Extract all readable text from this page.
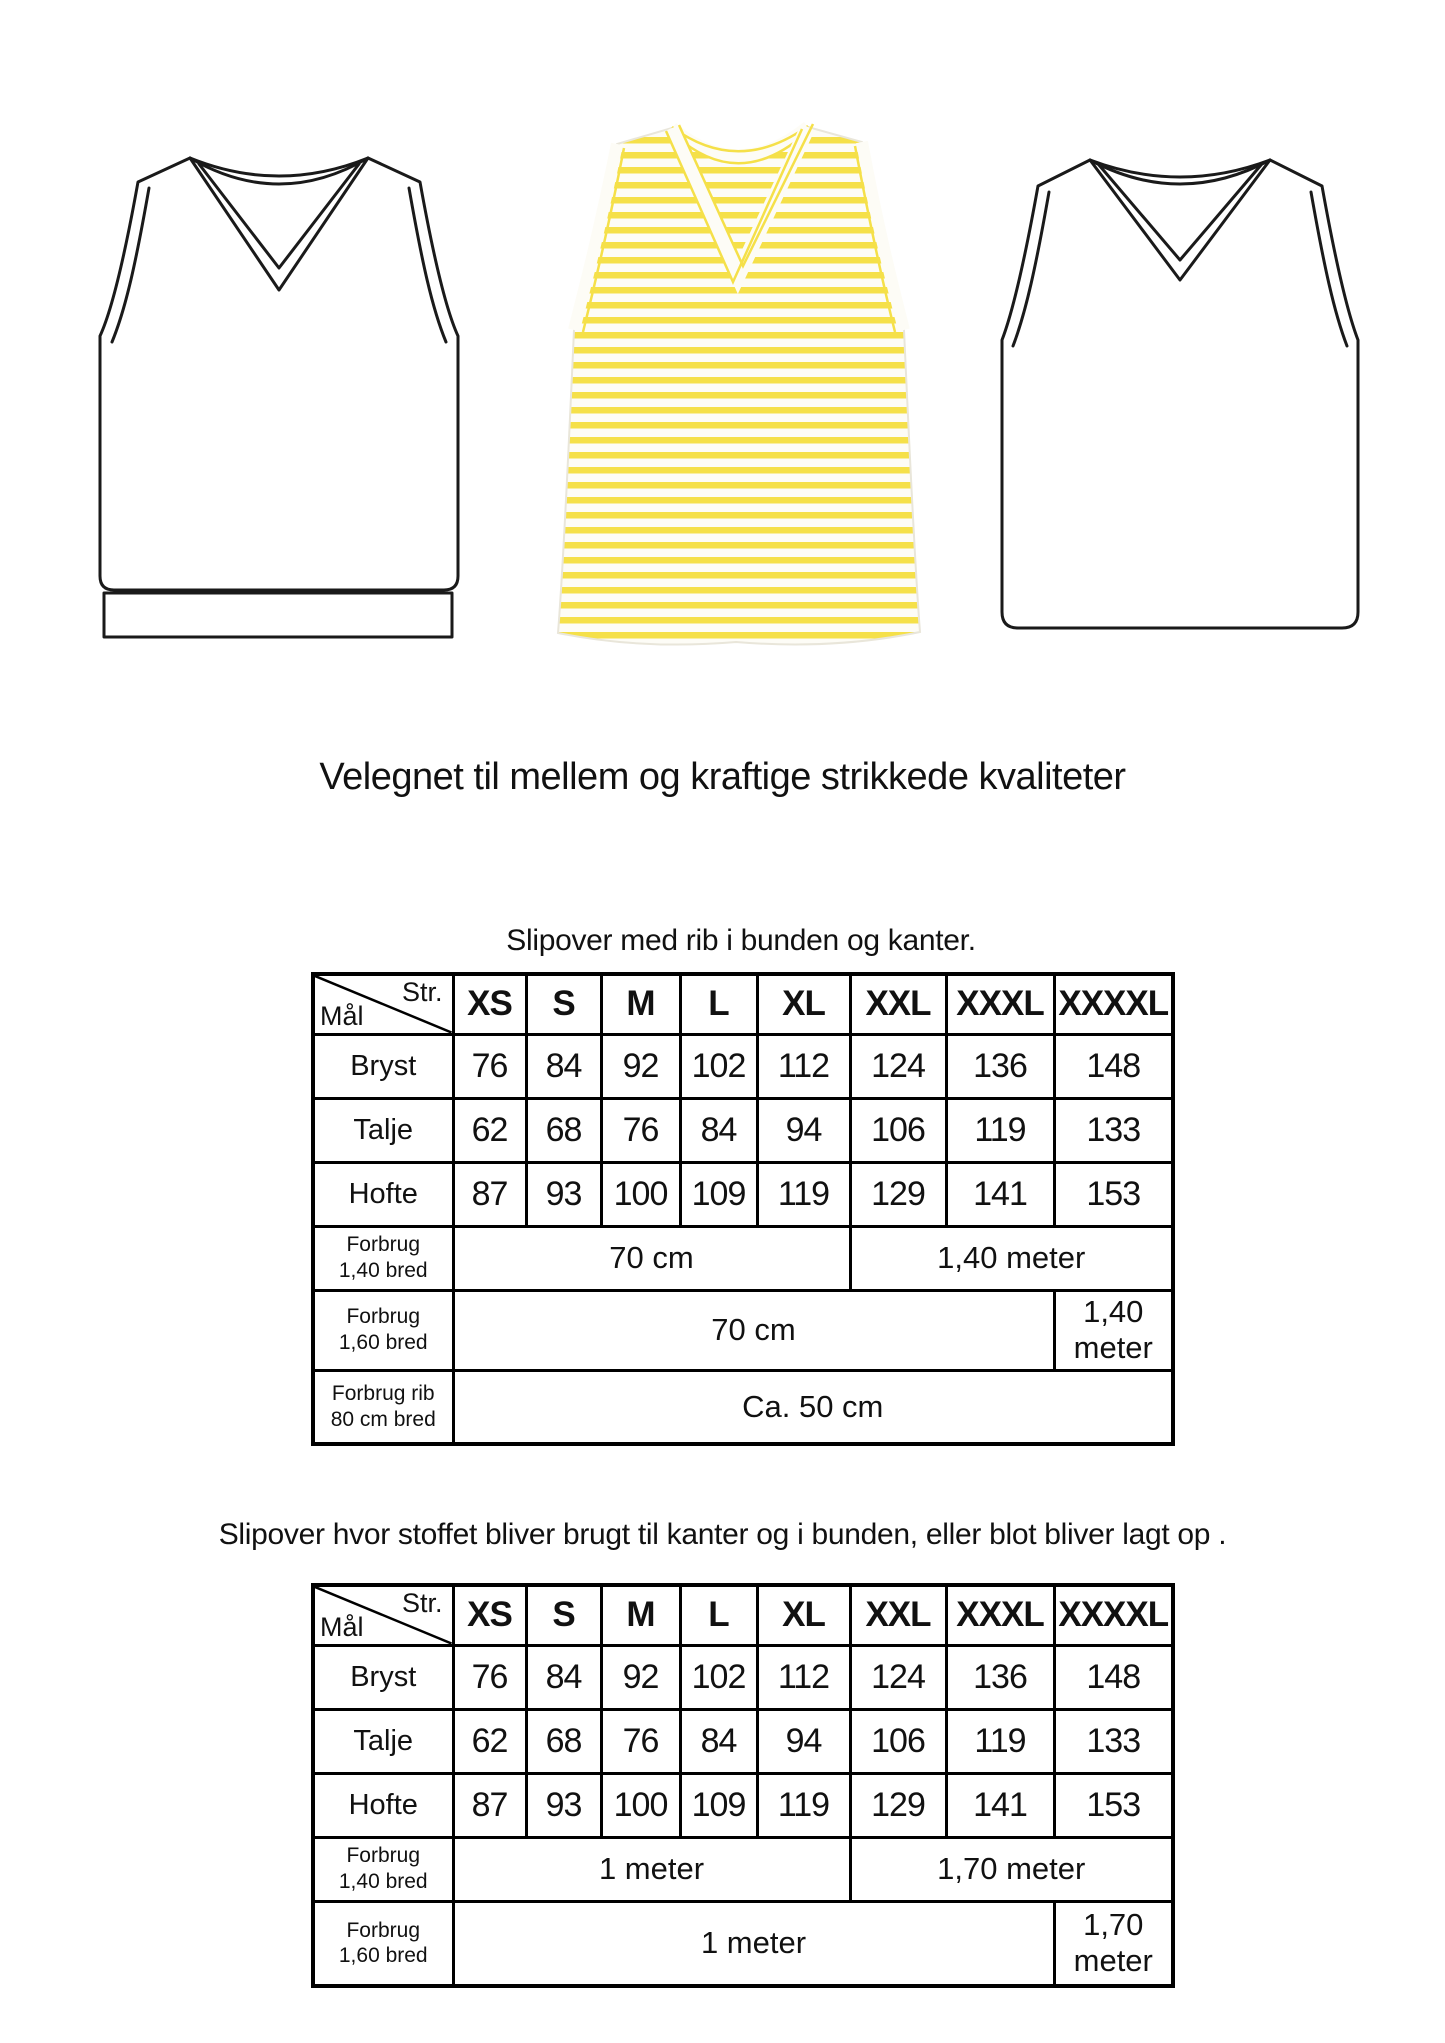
Velegnet til mellem og kraftige strikkede kvaliteter
Slipover med rib i bunden og kanter.
Str.
Mål	XS	S	M	L	XL	XXL	XXXL	XXXXL
Bryst	76	84	92	102	112	124	136	148
Talje	62	68	76	84	94	106	119	133
Hofte	87	93	100	109	119	129	141	153

Forbrug
1,40 bred	70 cm					1,40 meter		

Forbrug
1,60 bred	70 cm							1,40 meter

Forbrug rib
80 cm bred	Ca. 50 cm							
Slipover hvor stoffet bliver brugt til kanter og i bunden, eller blot bliver lagt op .
Str.
Mål	XS	S	M	L	XL	XXL	XXXL	XXXXL
Bryst	76	84	92	102	112	124	136	148
Talje	62	68	76	84	94	106	119	133
Hofte	87	93	100	109	119	129	141	153

Forbrug
1,40 bred	1 meter					1,70 meter		

Forbrug
1,60 bred	1 meter							1,70 meter
